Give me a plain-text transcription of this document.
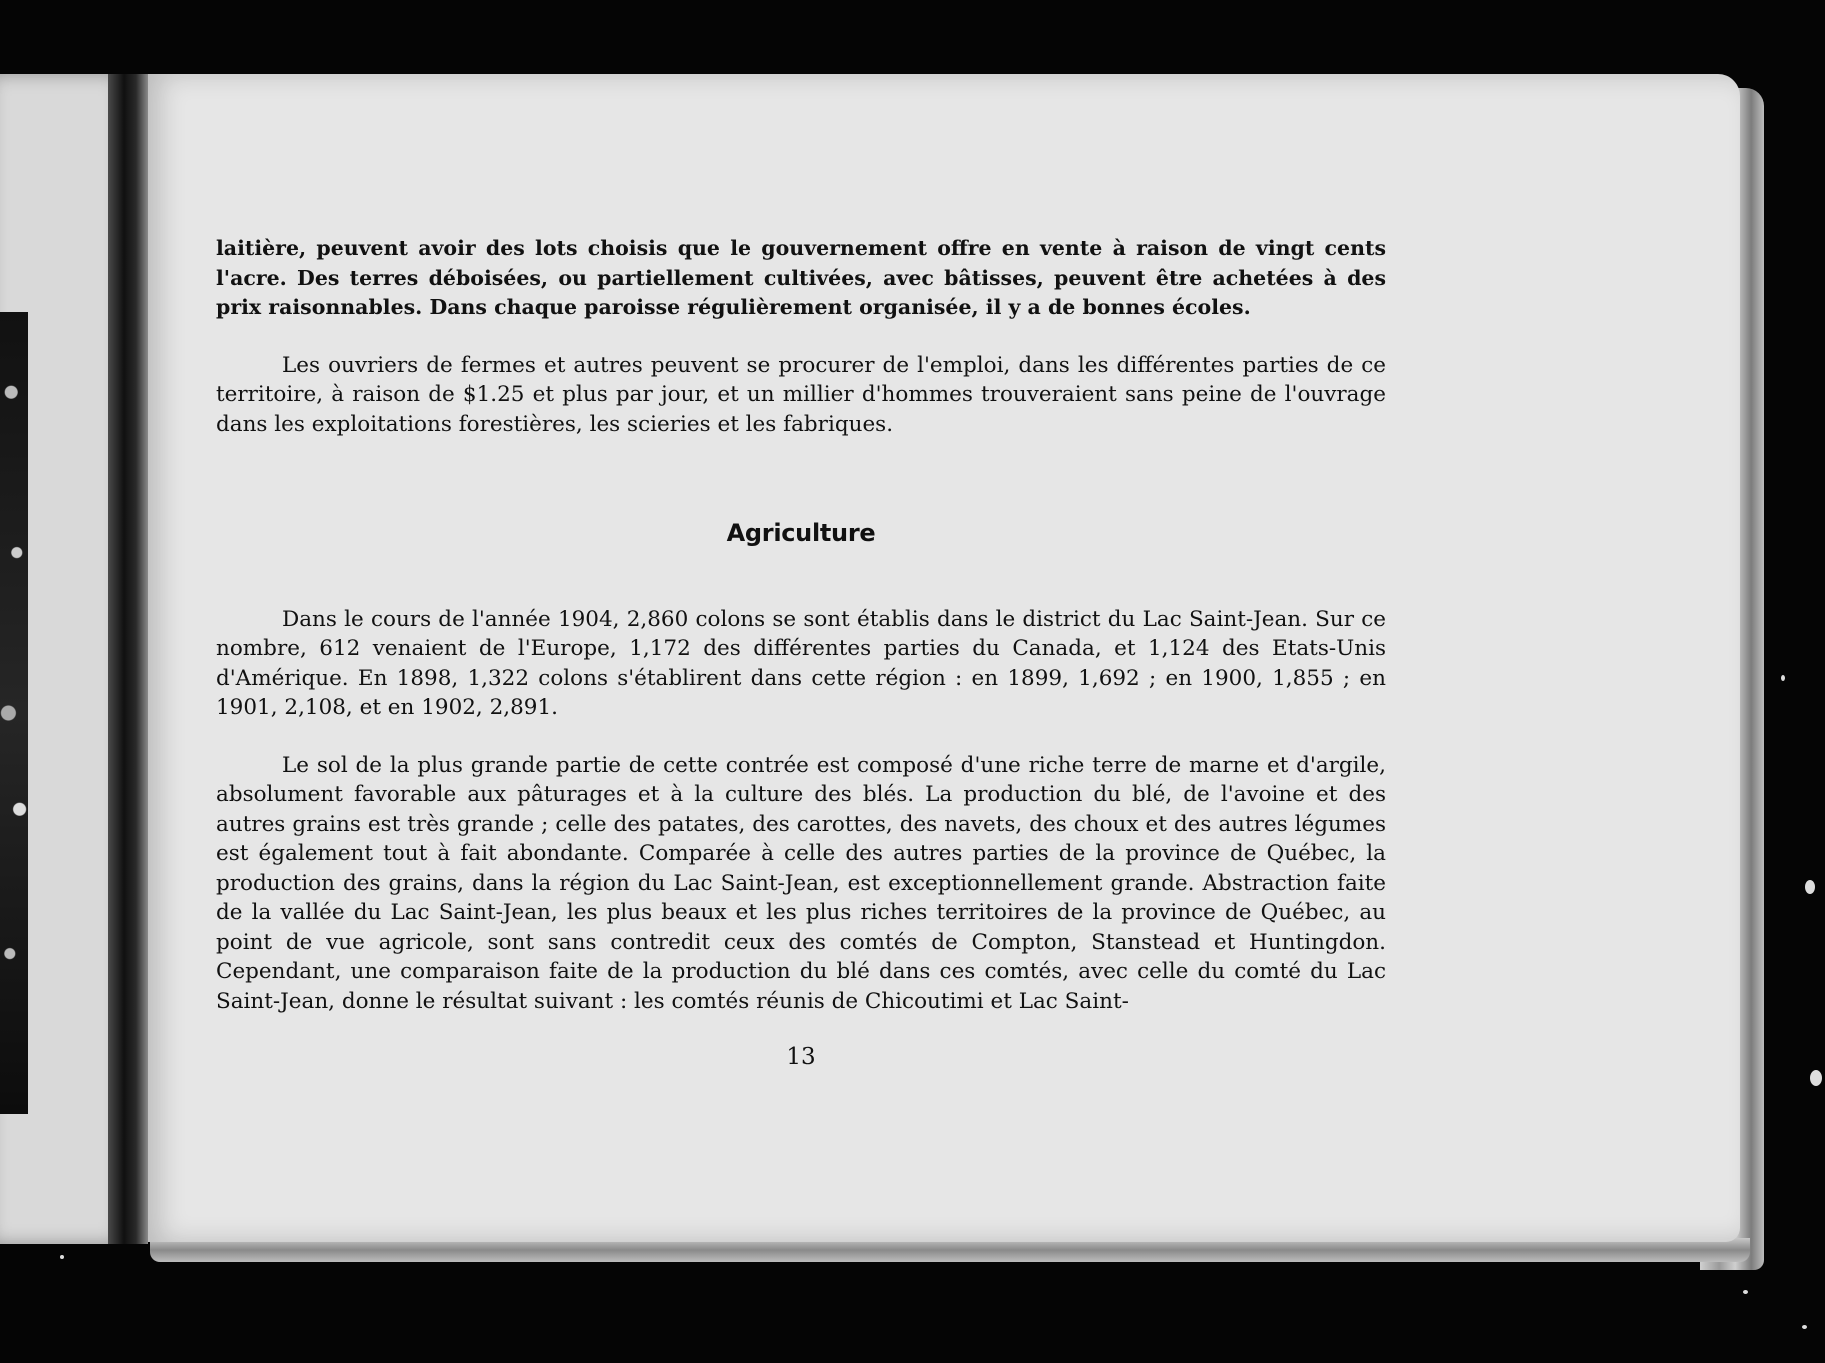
laitière, peuvent avoir des lots choisis que le gouvernement offre en vente à raison de vingt cents l'acre. Des terres déboisées, ou partiellement cultivées, avec bâtisses, peuvent être achetées à des prix raisonnables. Dans chaque paroisse régulièrement organisée, il y a de bonnes écoles.

Les ouvriers de fermes et autres peuvent se procurer de l'emploi, dans les différentes parties de ce territoire, à raison de $1.25 et plus par jour, et un millier d'hommes trouveraient sans peine de l'ouvrage dans les exploitations forestières, les scieries et les fabriques.

Agriculture

Dans le cours de l'année 1904, 2,860 colons se sont établis dans le district du Lac Saint-Jean. Sur ce nombre, 612 venaient de l'Europe, 1,172 des différentes parties du Canada, et 1,124 des Etats-Unis d'Amérique. En 1898, 1,322 colons s'établirent dans cette région : en 1899, 1,692 ; en 1900, 1,855 ; en 1901, 2,108, et en 1902, 2,891.

Le sol de la plus grande partie de cette contrée est composé d'une riche terre de marne et d'argile, absolument favorable aux pâturages et à la culture des blés. La production du blé, de l'avoine et des autres grains est très grande ; celle des patates, des carottes, des navets, des choux et des autres légumes est également tout à fait abondante. Comparée à celle des autres parties de la province de Québec, la production des grains, dans la région du Lac Saint-Jean, est exceptionnellement grande. Abstraction faite de la vallée du Lac Saint-Jean, les plus beaux et les plus riches territoires de la province de Québec, au point de vue agricole, sont sans contredit ceux des comtés de Compton, Stanstead et Huntingdon. Cependant, une comparaison faite de la production du blé dans ces comtés, avec celle du comté du Lac Saint-Jean, donne le résultat suivant : les comtés réunis de Chicoutimi et Lac Saint-

13
